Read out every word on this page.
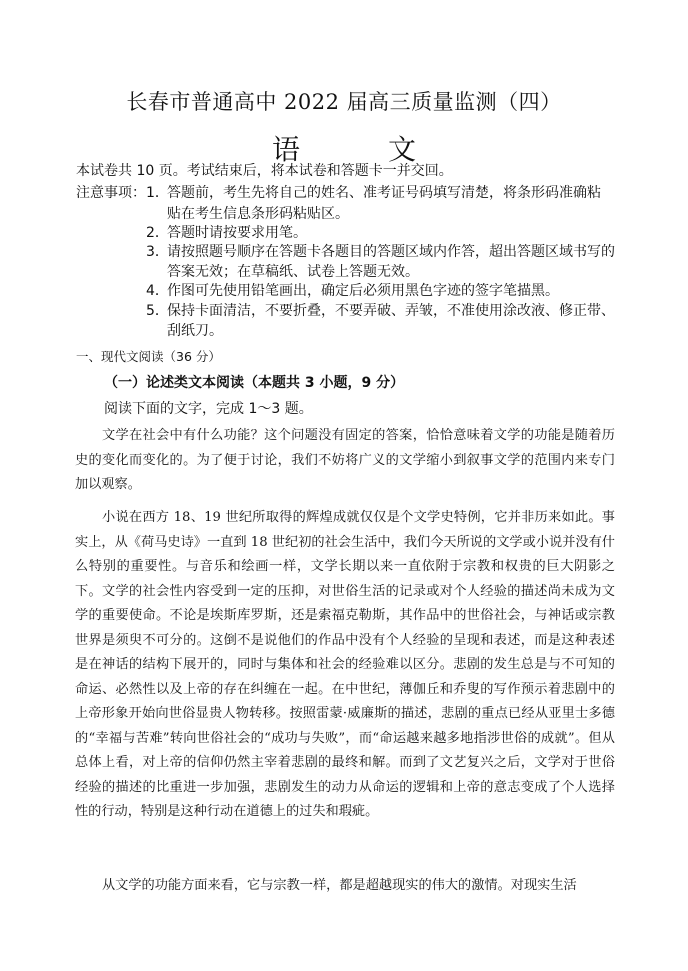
长春市普通高中 2022 届高三质量监测（四）
语　文
本试卷共 10 页。考试结束后，将本试卷和答题卡一并交回。
注意事项： 1．
答题前，考生先将自己的姓名、准考证号码填写清楚，将条形码准确粘
贴在考生信息条形码粘贴区。
2．
答题时请按要求用笔。
3．
请按照题号顺序在答题卡各题目的答题区域内作答，超出答题区域书写的
答案无效；在草稿纸、试卷上答题无效。
4．
作图可先使用铅笔画出，确定后必须用黑色字迹的签字笔描黑。
5．
保持卡面清洁，不要折叠，不要弄破、弄皱，不准使用涂改液、修正带、
刮纸刀。
一、现代文阅读（36 分）
（一）论述类文本阅读（本题共 3 小题，9 分）
阅读下面的文字，完成 1～3 题。

文学在社会中有什么功能？这个问题没有固定的答案，恰恰意味着文学的功能是随着历史的变化而变化的。为了便于讨论，我们不妨将广义的文学缩小到叙事文学的范围内来专门加以观察。

小说在西方 18、19 世纪所取得的辉煌成就仅仅是个文学史特例，它并非历来如此。事实上，从《荷马史诗》一直到 18 世纪初的社会生活中，我们今天所说的文学或小说并没有什么特别的重要性。与音乐和绘画一样，文学长期以来一直依附于宗教和权贵的巨大阴影之下。文学的社会性内容受到一定的压抑，对世俗生活的记录或对个人经验的描述尚未成为文学的重要使命。不论是埃斯库罗斯，还是索福克勒斯，其作品中的世俗社会，与神话或宗教世界是须臾不可分的。这倒不是说他们的作品中没有个人经验的呈现和表述，而是这种表述是在神话的结构下展开的，同时与集体和社会的经验难以区分。悲剧的发生总是与不可知的命运、必然性以及上帝的存在纠缠在一起。在中世纪，薄伽丘和乔叟的写作预示着悲剧中的上帝形象开始向世俗显贵人物转移。按照雷蒙·威廉斯的描述，悲剧的重点已经从亚里士多德的“幸福与苦难”转向世俗社会的“成功与失败”，而“命运越来越多地指涉世俗的成就”。但从总体上看，对上帝的信仰仍然主宰着悲剧的最终和解。而到了文艺复兴之后，文学对于世俗经验的描述的比重进一步加强，悲剧发生的动力从命运的逻辑和上帝的意志变成了个人选择性的行动，特别是这种行动在道德上的过失和瑕疵。

从文学的功能方面来看，它与宗教一样，都是超越现实的伟大的激情。对现实生活
